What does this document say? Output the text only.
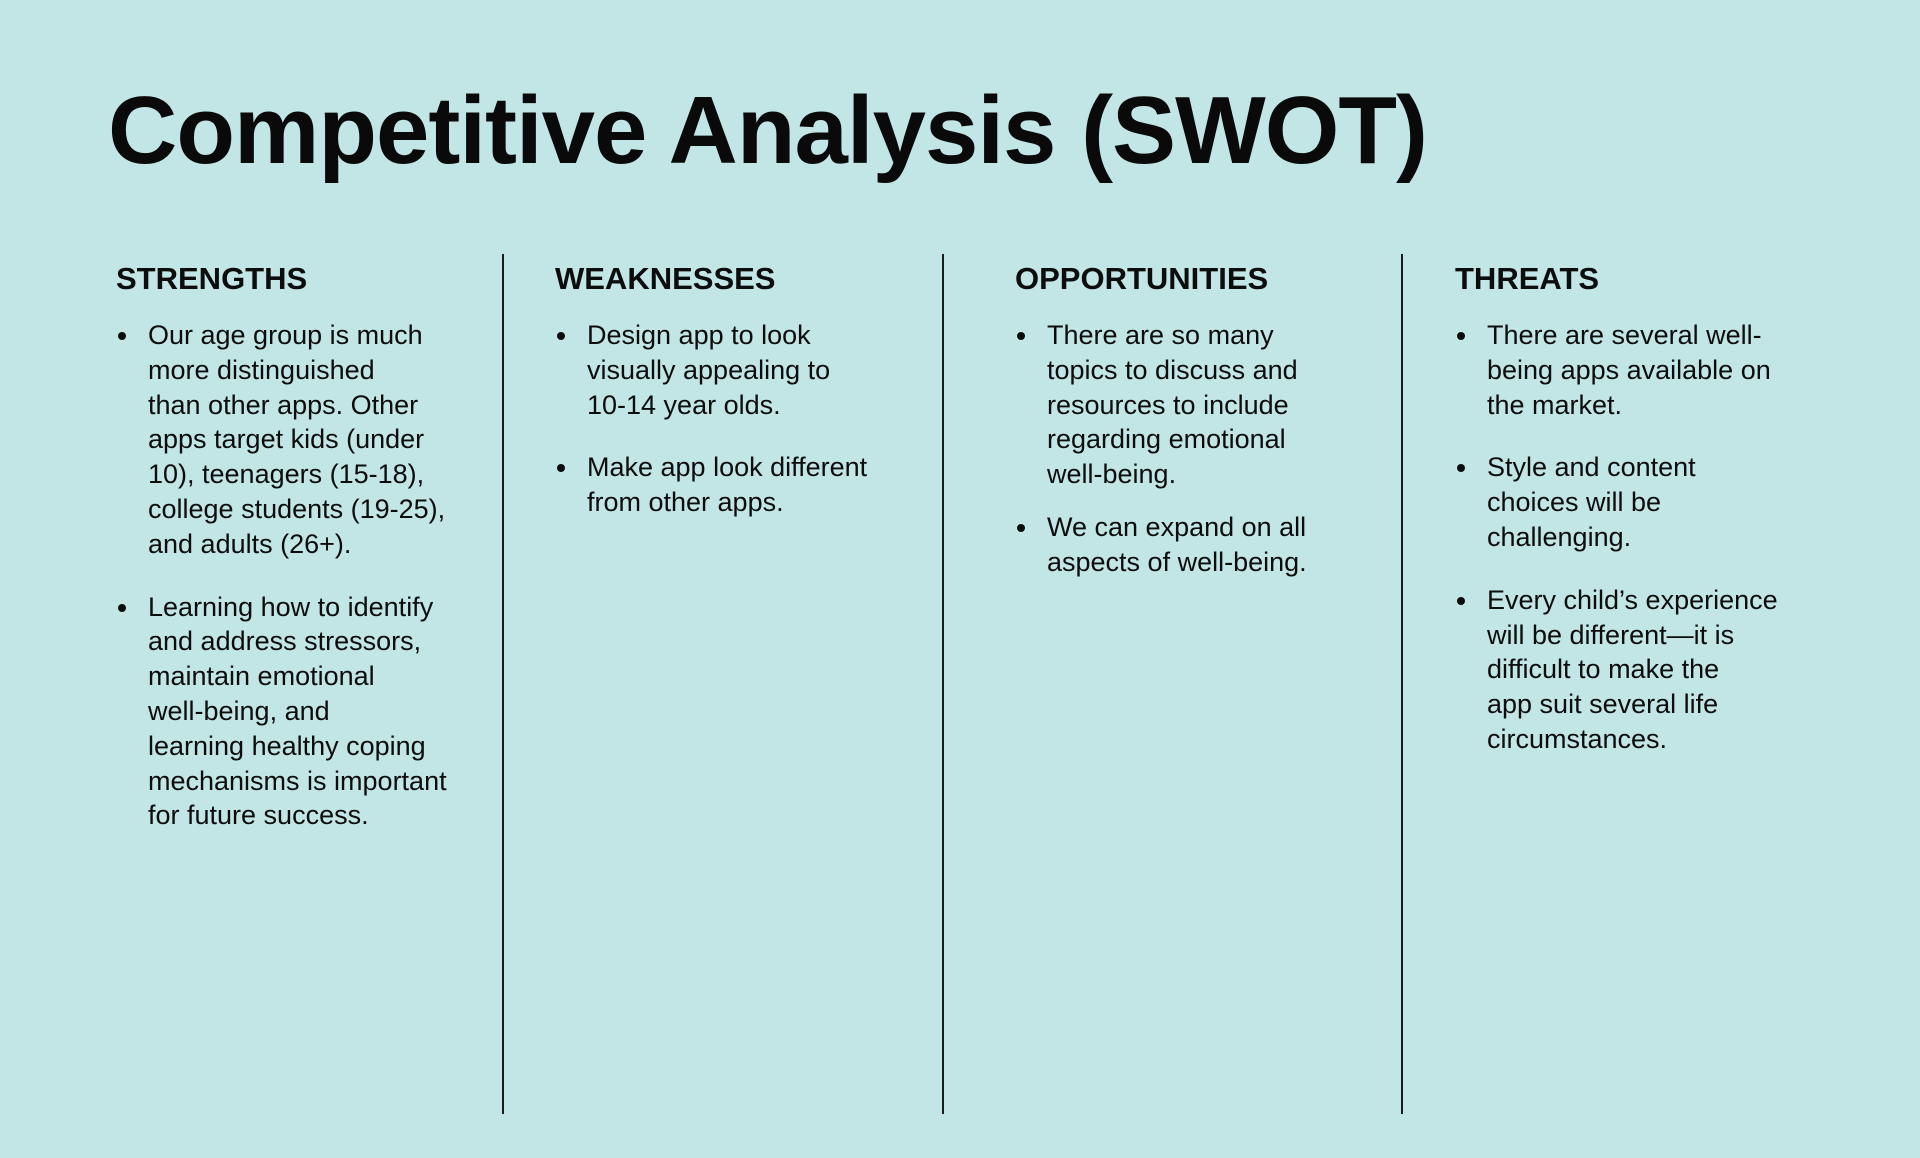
Competitive Analysis (SWOT)
STRENGTHS
Our age group is much
more distinguished
than other apps. Other
apps target kids (under
10), teenagers (15-18),
college students (19-25),
and adults (26+).
Learning how to identify
and address stressors,
maintain emotional
well-being, and
learning healthy coping
mechanisms is important
for future success.
WEAKNESSES
Design app to look
visually appealing to
10-14 year olds.
Make app look different
from other apps.
OPPORTUNITIES
There are so many
topics to discuss and
resources to include
regarding emotional
well-being.
We can expand on all
aspects of well-being.
THREATS
There are several well-
being apps available on
the market.
Style and content
choices will be
challenging.
Every child’s experience
will be different—it is
difficult to make the
app suit several life
circumstances.
